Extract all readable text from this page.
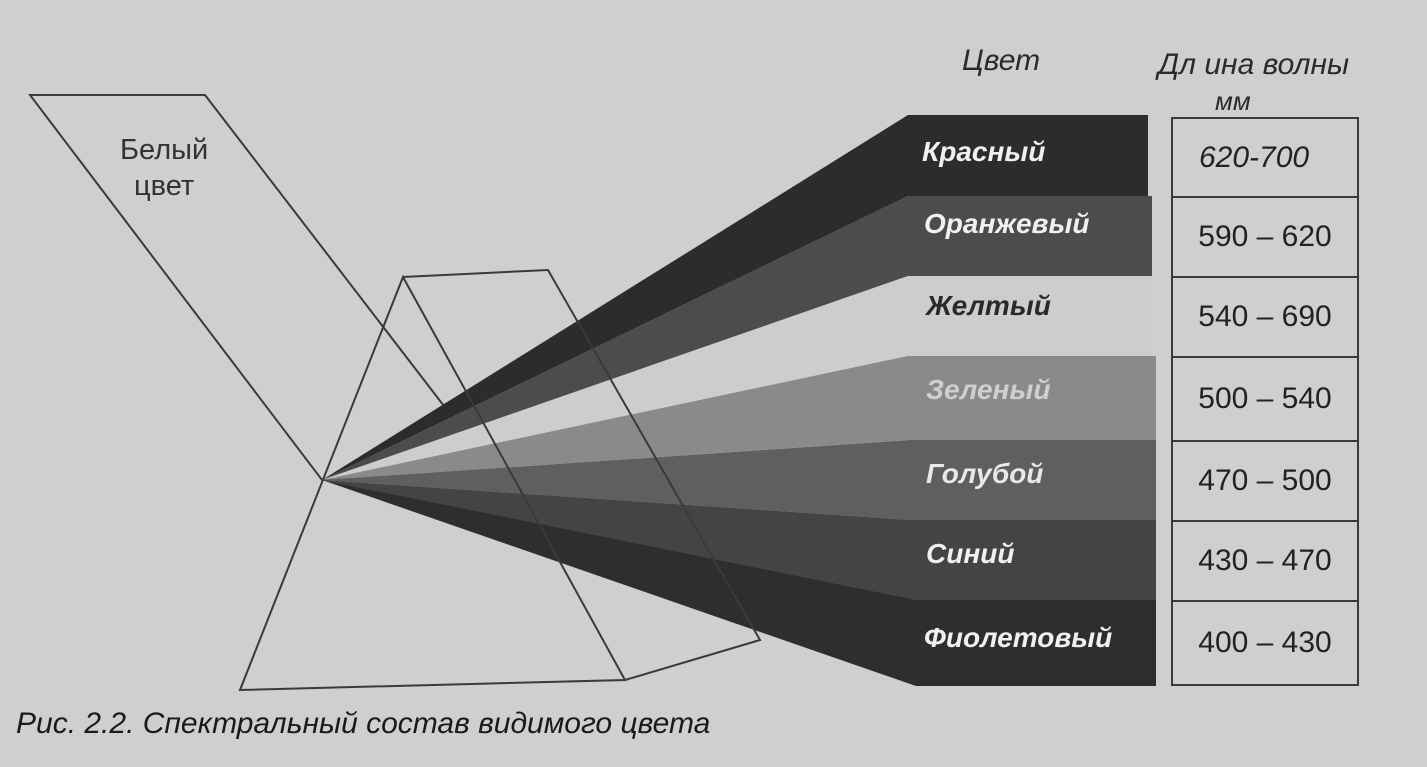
Белый
цвет
Цвет	Дл ина волны
мм
Красный
Оранжевый
Желтый
Зеленый
Голубой
Синий
Фиолетовый
620-700
590 – 620
540 – 690
500 – 540
470 – 500
430 – 470
400 – 430
Рис. 2.2. Спектральный состав видимого цвета
